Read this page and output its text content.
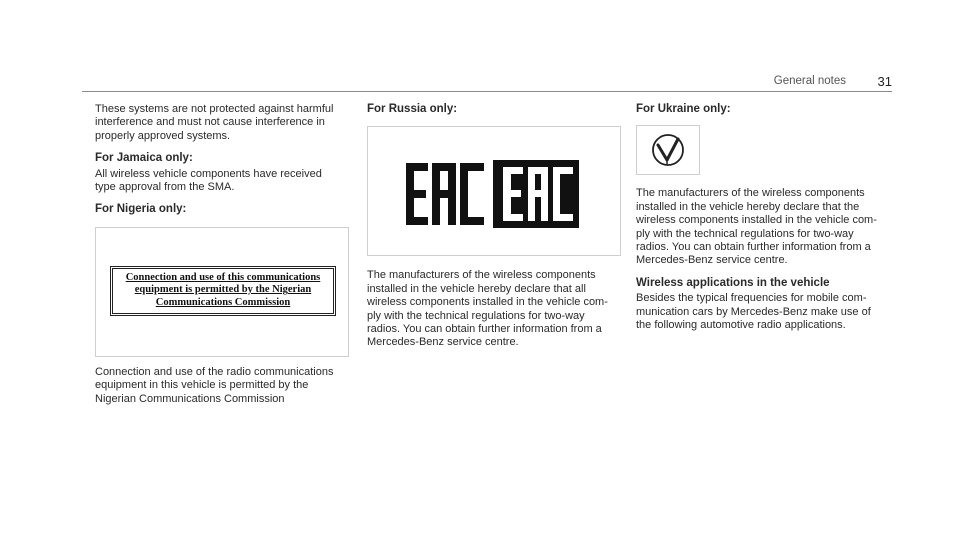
General notes 31

These systems are not protected against harmful
interference and must not cause interference in
properly approved systems.

For Jamaica only:

All wireless vehicle components have received
type approval from the SMA.

For Nigeria only:

Connection and use of this communications
equipment is permitted by the Nigerian
Communications Commission

Connection and use of the radio communications
equipment in this vehicle is permitted by the
Nigerian Communications Commission

For Russia only:

The manufacturers of the wireless components
installed in the vehicle hereby declare that all
wireless components installed in the vehicle com-
ply with the technical regulations for two-way
radios. You can obtain further information from a
Mercedes-Benz service centre.

For Ukraine only:

The manufacturers of the wireless components
installed in the vehicle hereby declare that the
wireless components installed in the vehicle com-
ply with the technical regulations for two-way
radios. You can obtain further information from a
Mercedes-Benz service centre.

Wireless applications in the vehicle

Besides the typical frequencies for mobile com-
munication cars by Mercedes-Benz make use of
the following automotive radio applications.
